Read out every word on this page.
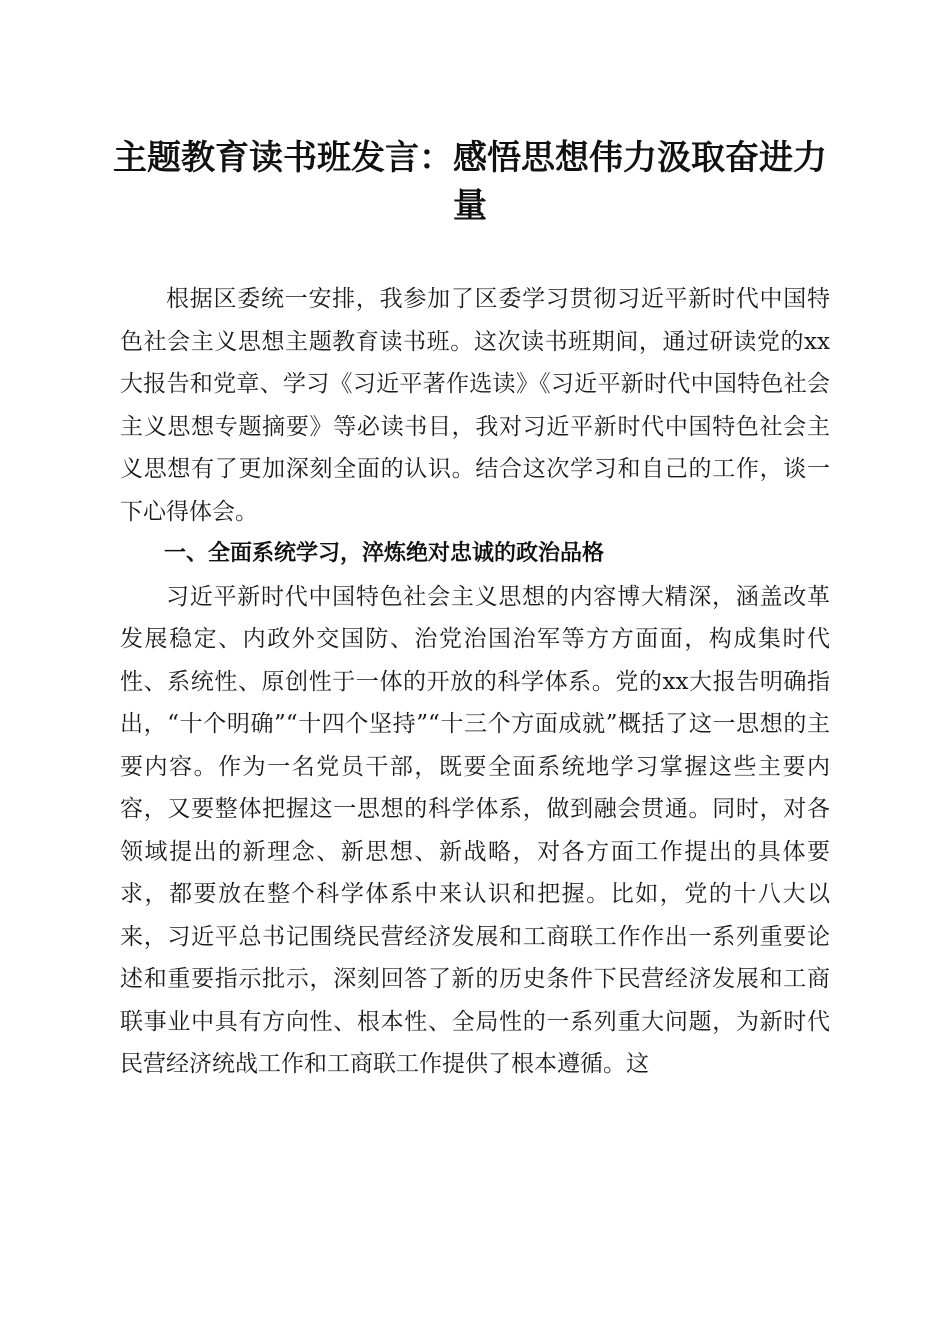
主题教育读书班发言：感悟思想伟力汲取奋进力量

根据区委统一安排，我参加了区委学习贯彻习近平新时代中国特色社会主义思想主题教育读书班。这次读书班期间，通过研读党的xx大报告和党章、学习《习近平著作选读》《习近平新时代中国特色社会主义思想专题摘要》等必读书目，我对习近平新时代中国特色社会主义思想有了更加深刻全面的认识。结合这次学习和自己的工作，谈一下心得体会。

一、全面系统学习，淬炼绝对忠诚的政治品格

习近平新时代中国特色社会主义思想的内容博大精深，涵盖改革发展稳定、内政外交国防、治党治国治军等方方面面，构成集时代性、系统性、原创性于一体的开放的科学体系。党的xx大报告明确指出，“十个明确”“十四个坚持”“十三个方面成就”概括了这一思想的主要内容。作为一名党员干部，既要全面系统地学习掌握这些主要内容，又要整体把握这一思想的科学体系，做到融会贯通。同时，对各领域提出的新理念、新思想、新战略，对各方面工作提出的具体要求，都要放在整个科学体系中来认识和把握。比如，党的十八大以来，习近平总书记围绕民营经济发展和工商联工作作出一系列重要论述和重要指示批示，深刻回答了新的历史条件下民营经济发展和工商联事业中具有方向性、根本性、全局性的一系列重大问题，为新时代民营经济统战工作和工商联工作提供了根本遵循。这
